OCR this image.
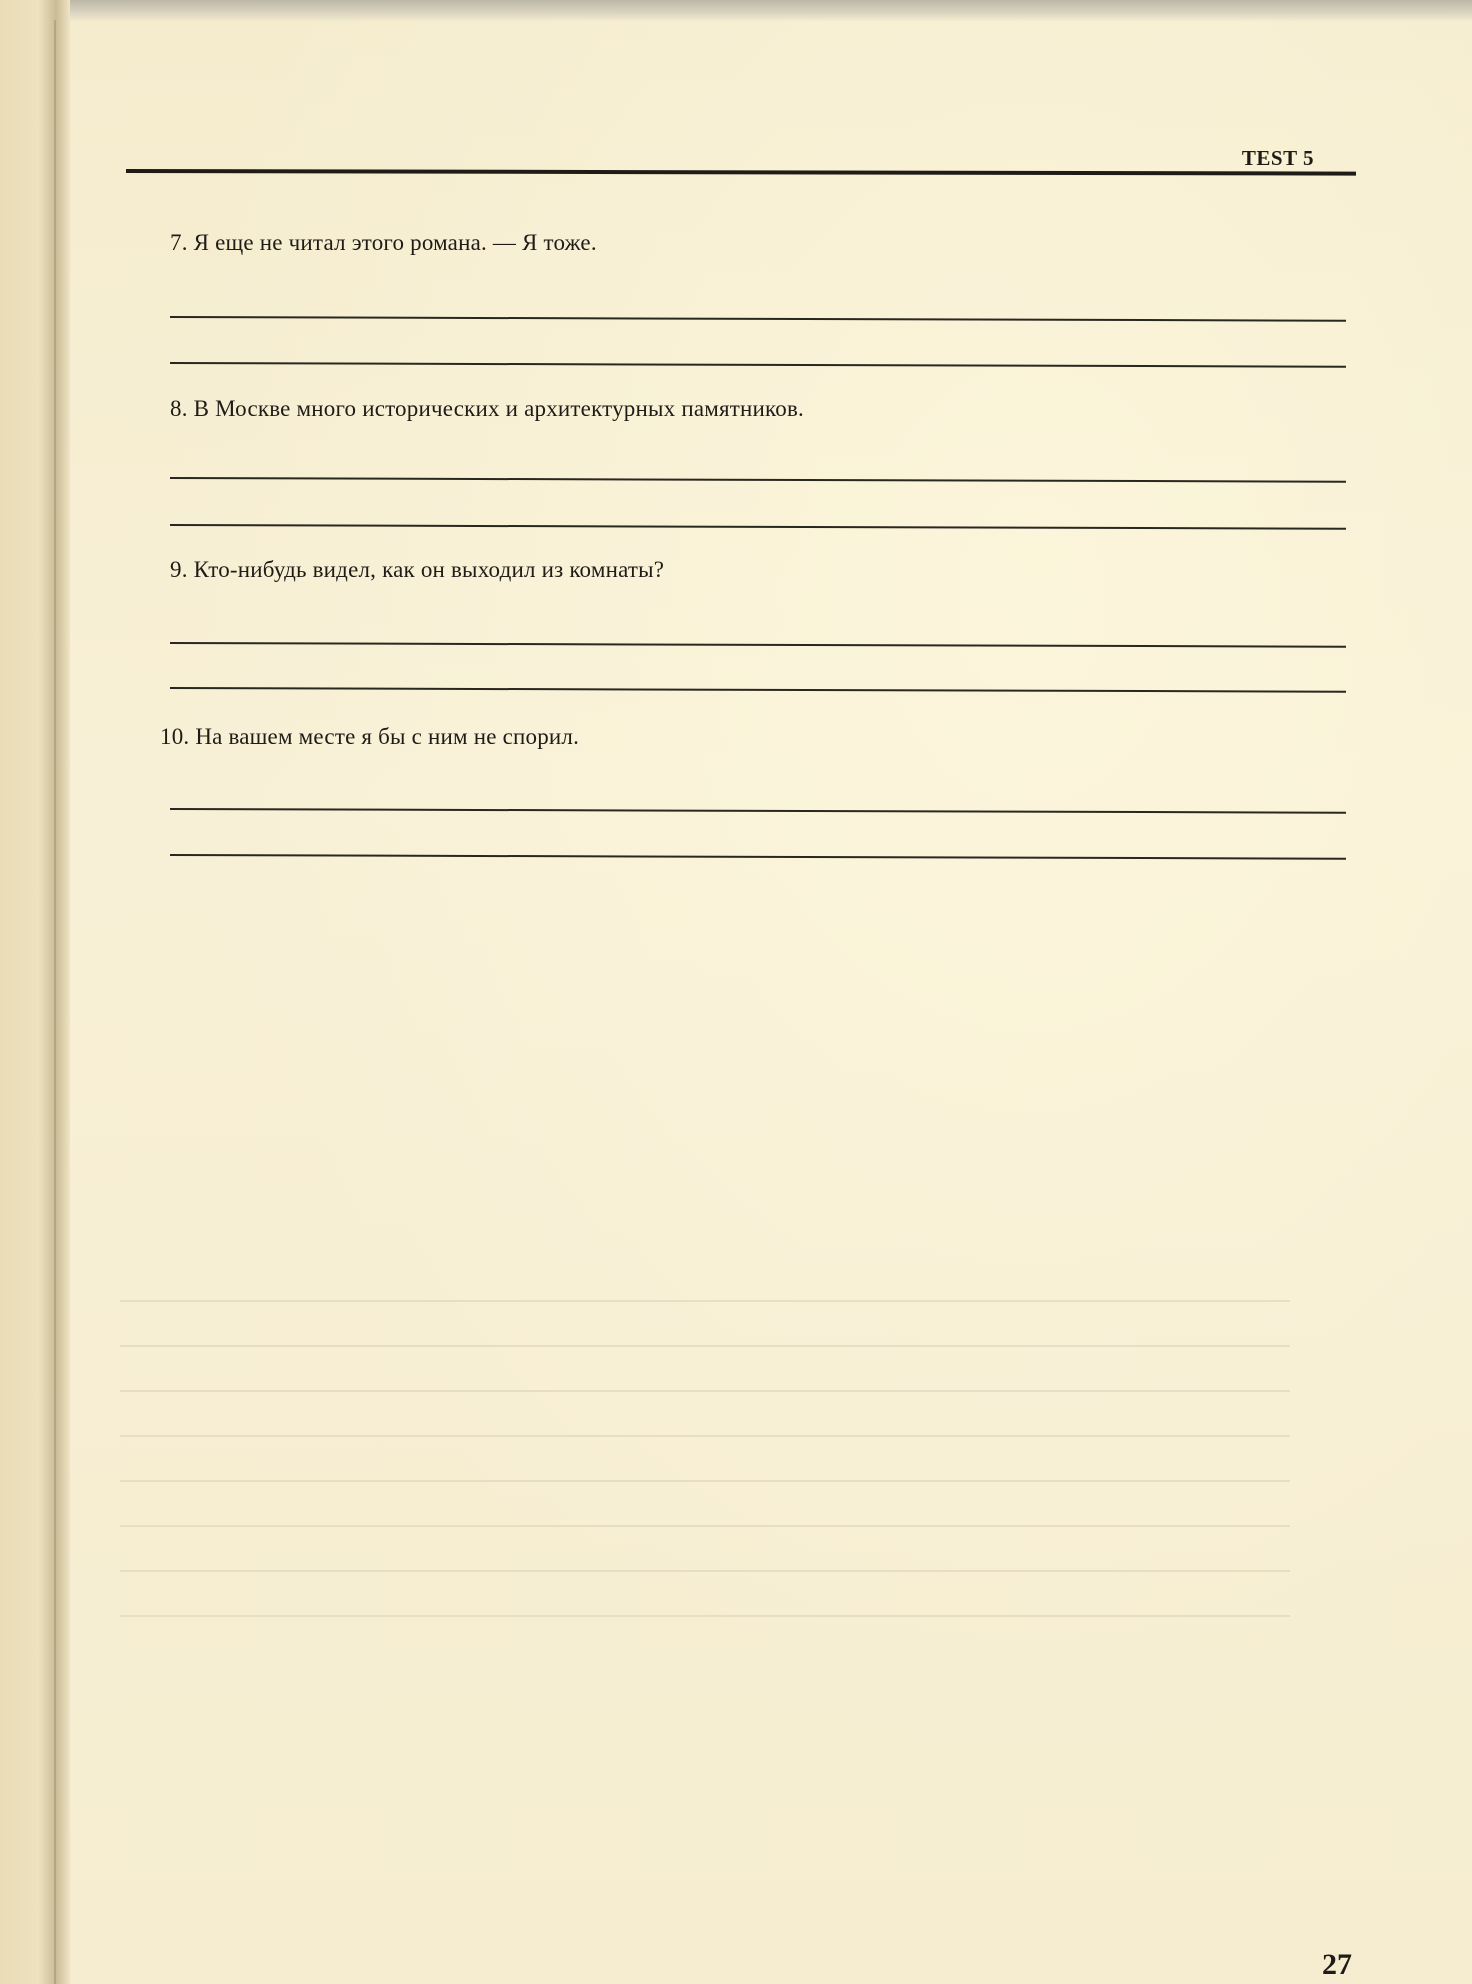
TEST 5
7. Я еще не читал этого романа. — Я тоже.
8. В Москве много исторических и архитектурных памятников.
9. Кто-нибудь видел, как он выходил из комнаты?
10. На вашем месте я бы с ним не спорил.
27
